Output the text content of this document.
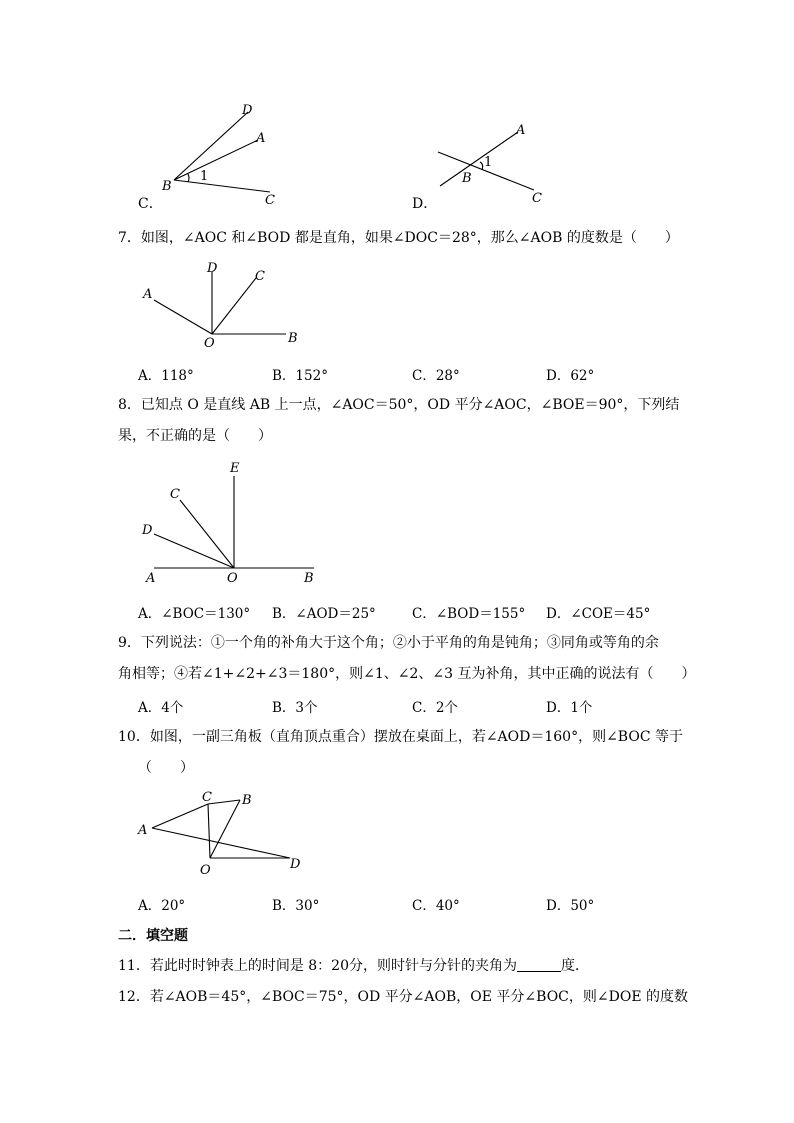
D
A
B
C
1
C．
A
B
C
1
D．
7．如图，∠AOC 和∠BOD 都是直角，如果∠DOC＝28°，那么∠AOB 的度数是（　　）
D
C
A
O	B
A．118°	B．152°	C．28°	D．62°
8．已知点 O 是直线 AB 上一点，∠AOC＝50°，OD 平分∠AOC，∠BOE＝90°，下列结
果，不正确的是（　　）
E
C
D
A	O	B
A．∠BOC＝130° B．∠AOD＝25°	C．∠BOD＝155° D．∠COE＝45°
9．下列说法：①一个角的补角大于这个角；②小于平角的角是钝角；③同角或等角的余
角相等；④若∠1+∠2+∠3＝180°，则∠1、∠2、∠3 互为补角，其中正确的说法有（　　）
A．4个	B．3个	C．2个	D．1个
10．如图，一副三角板（直角顶点重合）摆放在桌面上，若∠AOD＝160°，则∠BOC 等于
（　　）
C B
A
O	D
A．20°	B．30°	C．40°	D．50°
二．填空题
11．若此时时钟表上的时间是 8：20分，则时针与分针的夹角为	度．
12．若∠AOB＝45°，∠BOC＝75°，OD 平分∠AOB，OE 平分∠BOC，则∠DOE 的度数
